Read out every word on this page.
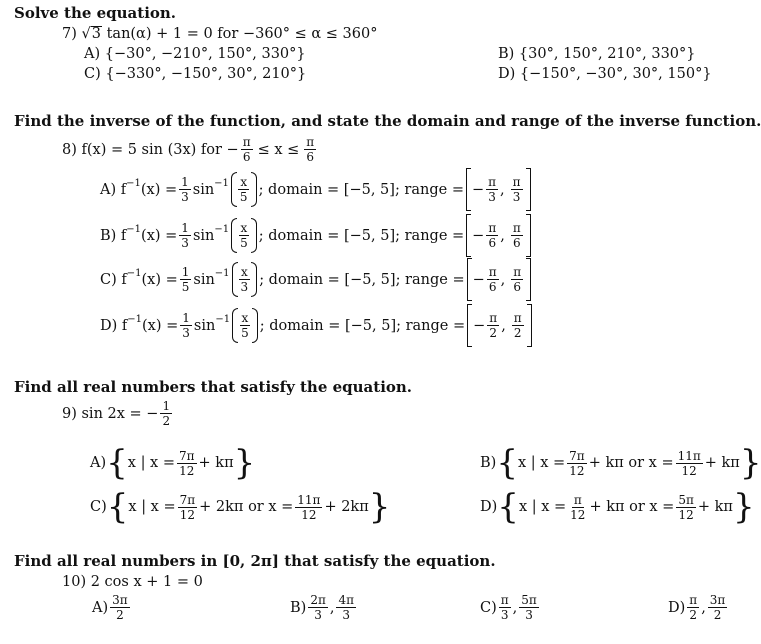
Solve the equation.
7) √3 tan(α) + 1 = 0 for −360° ≤ α ≤ 360°
A) {−30°, −210°, 150°, 330°}	B) {30°, 150°, 210°, 330°}
C) {−330°, −150°, 30°, 210°}	D) {−150°, −30°, 30°, 150°}
Find the inverse of the function, and state the domain and range of the inverse function.
8) f(x) = 5 sin (3x) for − $\frac{\pi}{6} \le x \le \frac{\pi}{6}$
A) f −1 $(x) = \frac{1}{3}$ $\sin -1 \frac{x}{5}$ ; domain = [−5, 5]; range = − $\frac{\pi}{3}$ , $\frac{\pi}{3}$
B) f −1 $(x) = \frac{1}{3}$ $\sin -1 \frac{x}{5}$ ; domain = [−5, 5]; range = − $\frac{\pi}{6}$ , $\frac{\pi}{6}$
C) f −1 $(x) = \frac{1}{5}$ $\sin -1 \frac{x}{3}$ ; domain = [−5, 5]; range = − $\frac{\pi}{6}$ , $\frac{\pi}{6}$
D) f −1 $(x) = \frac{1}{3}$ $\sin -1 \frac{x}{5}$ ; domain = [−5, 5]; range = − $\frac{\pi}{2}$ , $\frac{\pi}{2}$
Find all real numbers that satisfy the equation.
9) sin 2x = − $\frac{1}{2}$
A) { x | $x = \frac{7\pi}{12} + k\pi$ }	B) { x | $x = \frac{7\pi}{12} + k\pi$ or $x = \frac{11\pi}{12} + k\pi$ }
C) { x | $x = \frac{7\pi}{12} + 2k\pi$ or $x = \frac{11\pi}{12} + 2k\pi$ }	D) { x | $x = \frac{\pi}{12} + k\pi$ or $x = \frac{5\pi}{12} + k\pi$ }
Find all real numbers in [0, 2π] that satisfy the equation.
10) 2 cos x + 1 = 0
$A) \frac{3\pi}{2}$	$B) \frac{2\pi}{3}$ , $\frac{4\pi}{3}$	$C) \frac{\pi}{3}$ , $\frac{5\pi}{3}$	$D) \frac{\pi}{2}$ , $\frac{3\pi}{2}$
